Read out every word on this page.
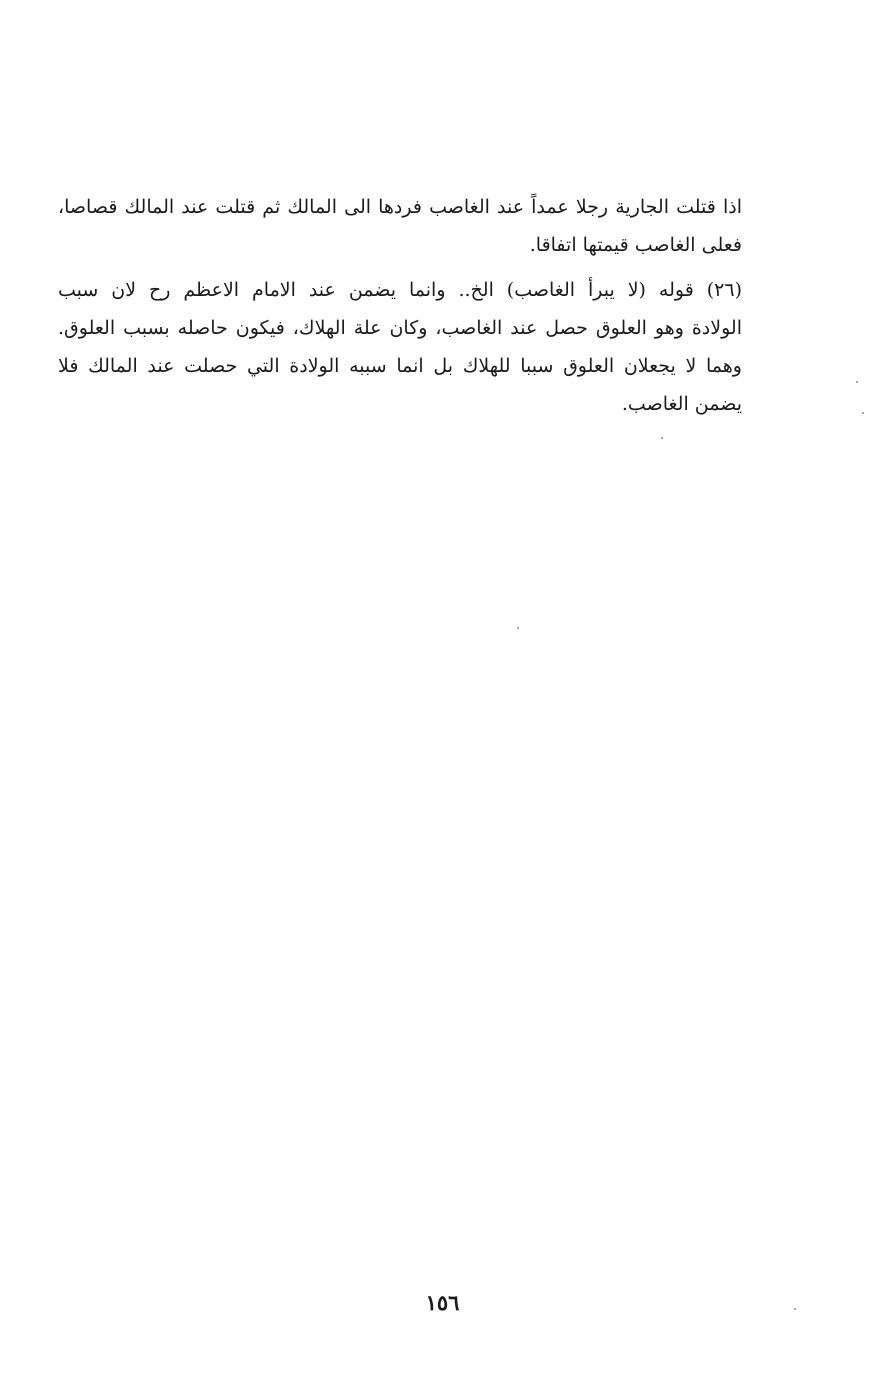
اذا قتلت الجارية رجلا عمداً عند الغاصب فردها الى المالك ثم قتلت عند المالك قصاصا،
فعلى الغاصب قيمتها اتفاقا.
(٢٦) قوله (لا يبرأ الغاصب) الخ.. وانما يضمن عند الامام الاعظم رح لان سبب
الولادة وهو العلوق حصل عند الغاصب، وكان علة الهلاك، فيكون حاصله بسبب العلوق.
وهما لا يجعلان العلوق سببا للهلاك بل انما سببه الولادة التي حصلت عند المالك فلا
يضمن الغاصب.
١٥٦
